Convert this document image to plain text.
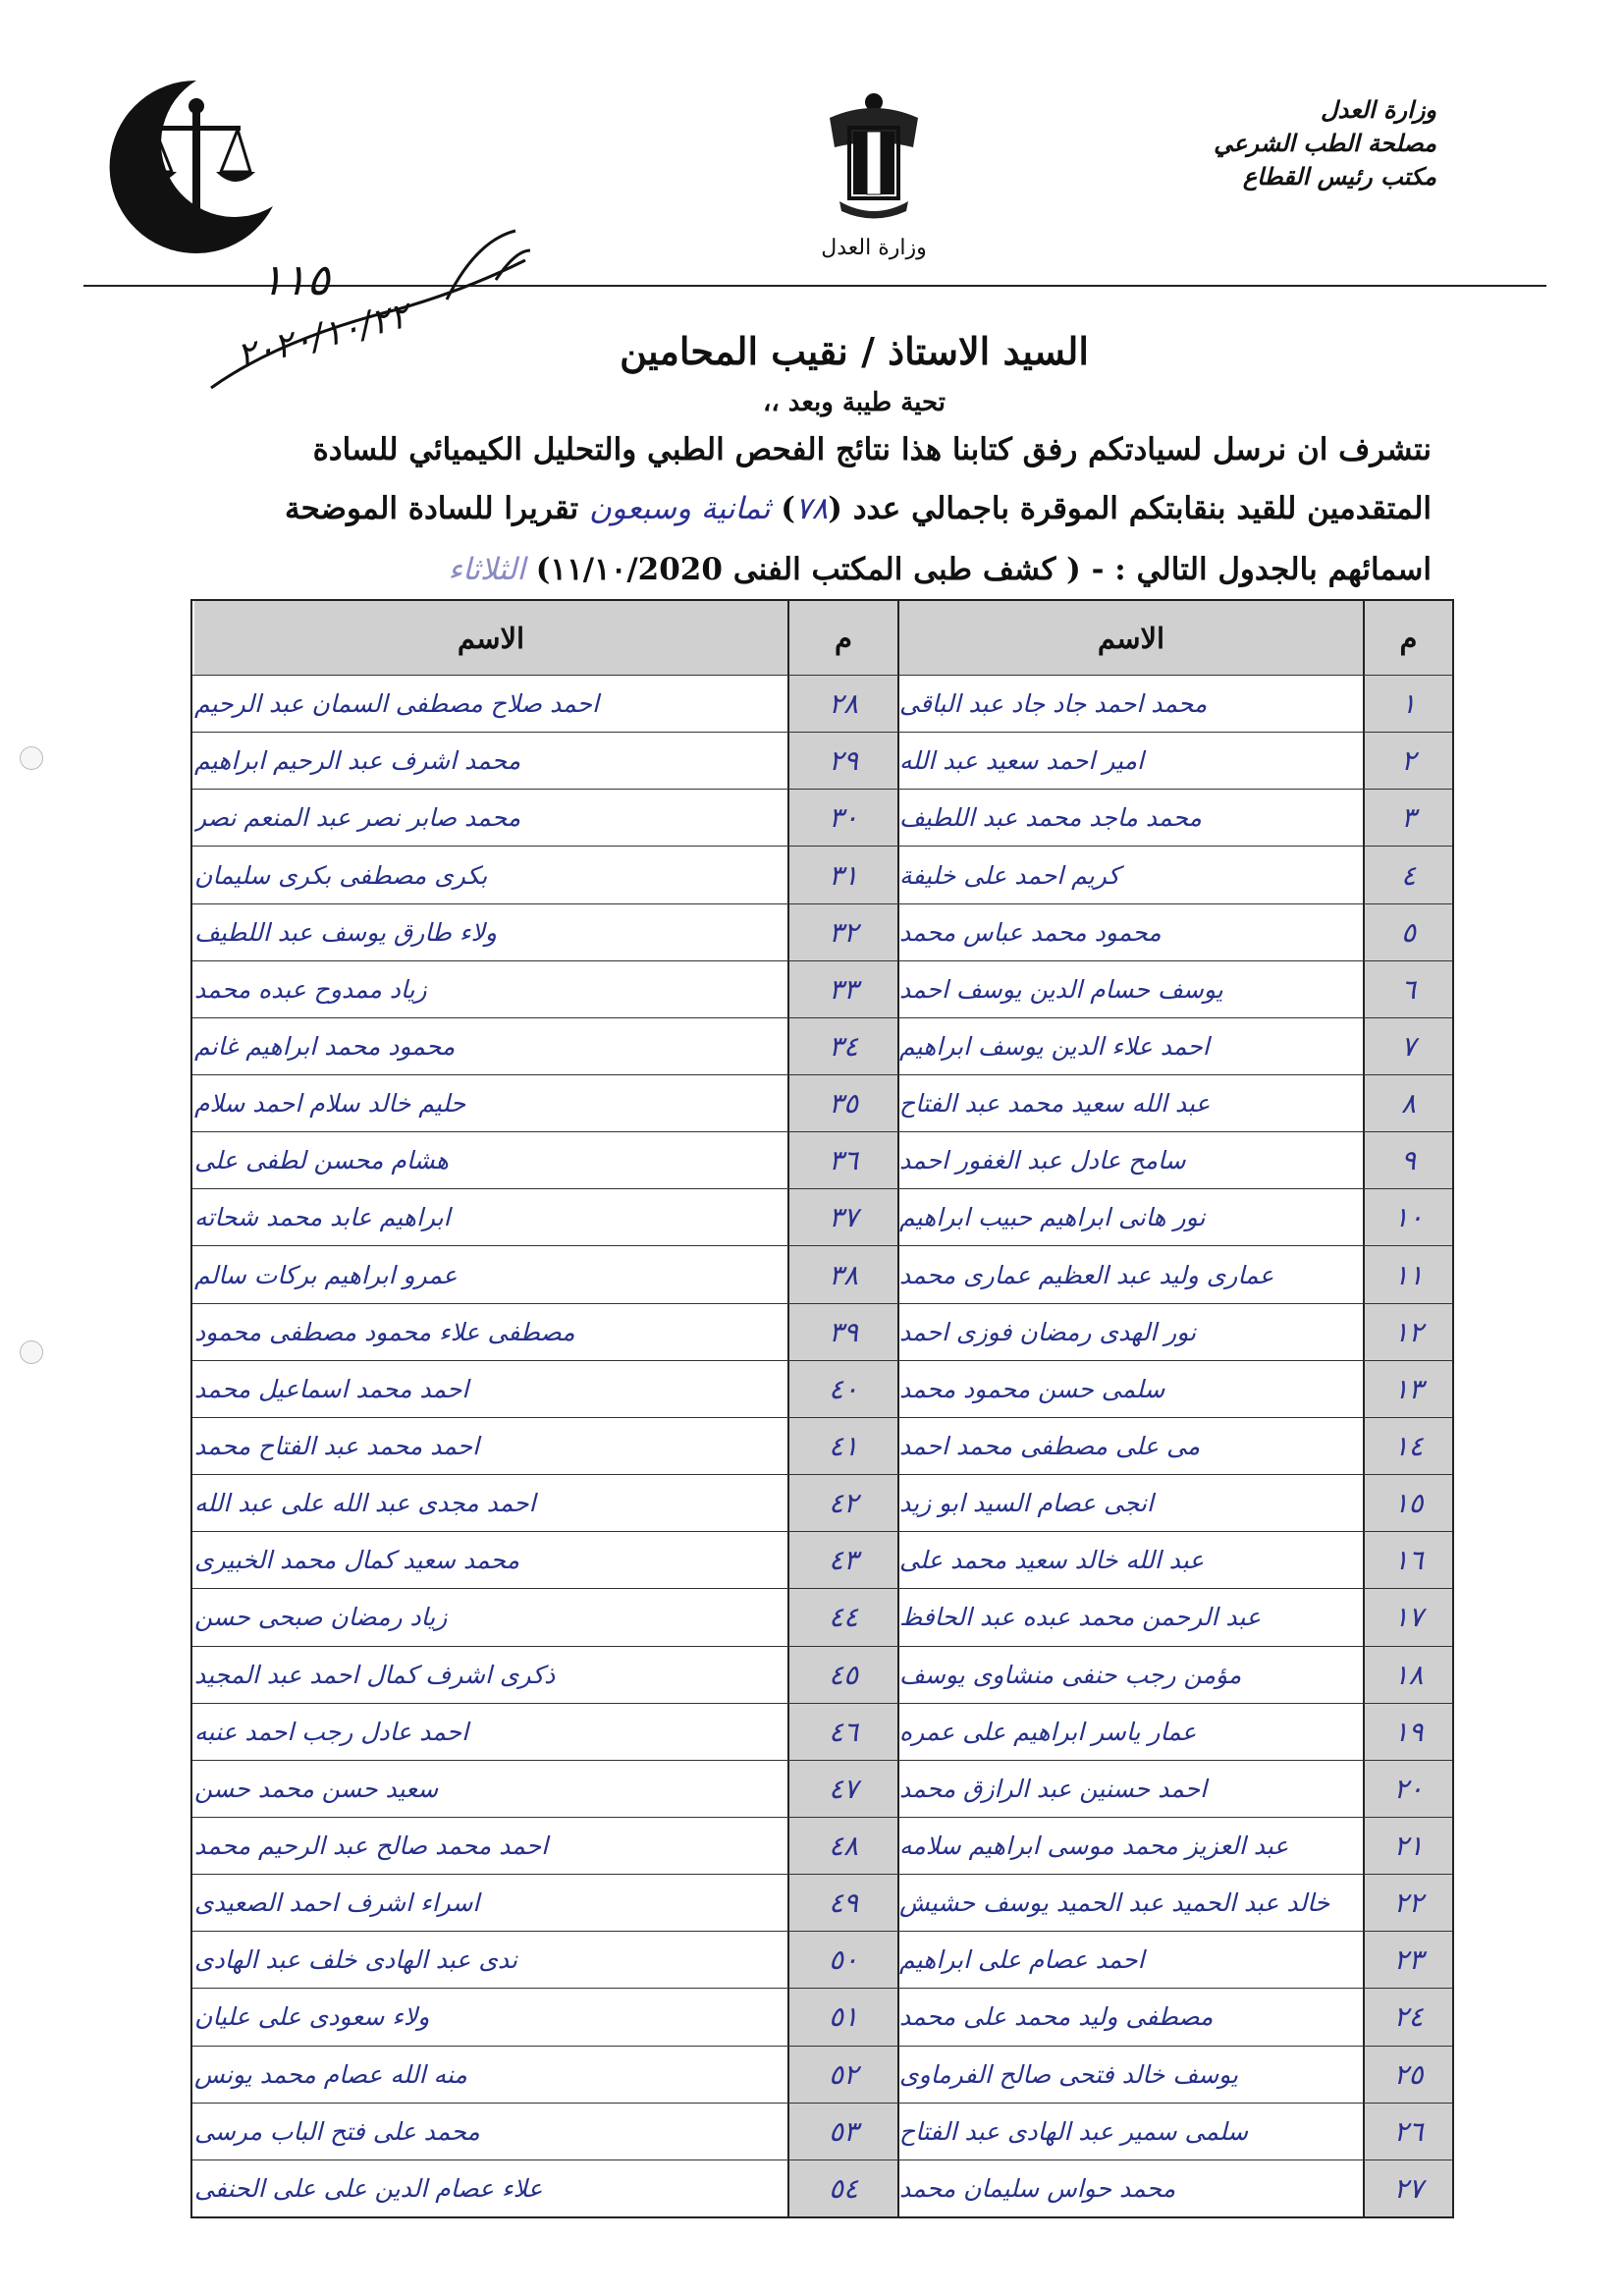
وزارة العدل
وزارة العدل
مصلحة الطب الشرعي
مكتب رئيس القطاع
١١٥
٢٠٢٠/١٠/٢٢	السيد الاستاذ / نقيب المحامين
تحية طيبة وبعد ،،
نتشرف ان نرسل لسيادتكم رفق كتابنا هذا نتائج الفحص الطبي والتحليل الكيميائي للسادة
المتقدمين للقيد بنقابتكم الموقرة باجمالي عدد (٧٨) ثمانية وسبعون تقريرا للسادة الموضحة
اسمائهم بالجدول التالي : - ( كشف طبى المكتب الفنى ١١/١٠/2020) الثلاثاء
م
الاسم
م
الاسم
١
محمد احمد جاد جاد عبد الباقى
٢٨
احمد صلاح مصطفى السمان عبد الرحيم
٢
امير احمد سعيد عبد الله
٢٩
محمد اشرف عبد الرحيم ابراهيم
٣
محمد ماجد محمد عبد اللطيف
٣٠
محمد صابر نصر عبد المنعم نصر
٤
كريم احمد على خليفة
٣١
بكرى مصطفى بكرى سليمان
٥
محمود محمد عباس محمد
٣٢
ولاء طارق يوسف عبد اللطيف
٦
يوسف حسام الدين يوسف احمد
٣٣
زياد ممدوح عبده محمد
٧
احمد علاء الدين يوسف ابراهيم
٣٤
محمود محمد ابراهيم غانم
٨
عبد الله سعيد محمد عبد الفتاح
٣٥
حليم خالد سلام احمد سلام
٩
سامح عادل عبد الغفور احمد
٣٦
هشام محسن لطفى على
١٠
نور هانى ابراهيم حبيب ابراهيم
٣٧
ابراهيم عابد محمد شحاته
١١
عمارى وليد عبد العظيم عمارى محمد
٣٨
عمرو ابراهيم بركات سالم
١٢
نور الهدى رمضان فوزى احمد
٣٩
مصطفى علاء محمود مصطفى محمود
١٣
سلمى حسن محمود محمد
٤٠
احمد محمد اسماعيل محمد
١٤
مى على مصطفى محمد احمد
٤١
احمد محمد عبد الفتاح محمد
١٥
انجى عصام السيد ابو زيد
٤٢
احمد مجدى عبد الله على عبد الله
١٦
عبد الله خالد سعيد محمد على
٤٣
محمد سعيد كمال محمد الخبيرى
١٧
عبد الرحمن محمد عبده عبد الحافظ
٤٤
زياد رمضان صبحى حسن
١٨
مؤمن رجب حنفى منشاوى يوسف
٤٥
ذكرى اشرف كمال احمد عبد المجيد
١٩
عمار ياسر ابراهيم على عمره
٤٦
احمد عادل رجب احمد عنبه
٢٠
احمد حسنين عبد الرازق محمد
٤٧
سعيد حسن محمد حسن
٢١
عبد العزيز محمد موسى ابراهيم سلامه
٤٨
احمد محمد صالح عبد الرحيم محمد
٢٢
خالد عبد الحميد عبد الحميد يوسف حشيش
٤٩
اسراء اشرف احمد الصعيدى
٢٣
احمد عصام على ابراهيم
٥٠
ندى عبد الهادى خلف عبد الهادى
٢٤
مصطفى وليد محمد على محمد
٥١
ولاء سعودى على عليان
٢٥
يوسف خالد فتحى صالح الفرماوى
٥٢
منه الله عصام محمد يونس
٢٦
سلمى سمير عبد الهادى عبد الفتاح
٥٣
محمد على فتح الباب مرسى
٢٧
محمد حواس سليمان محمد
٥٤
علاء عصام الدين على على الحنفى
